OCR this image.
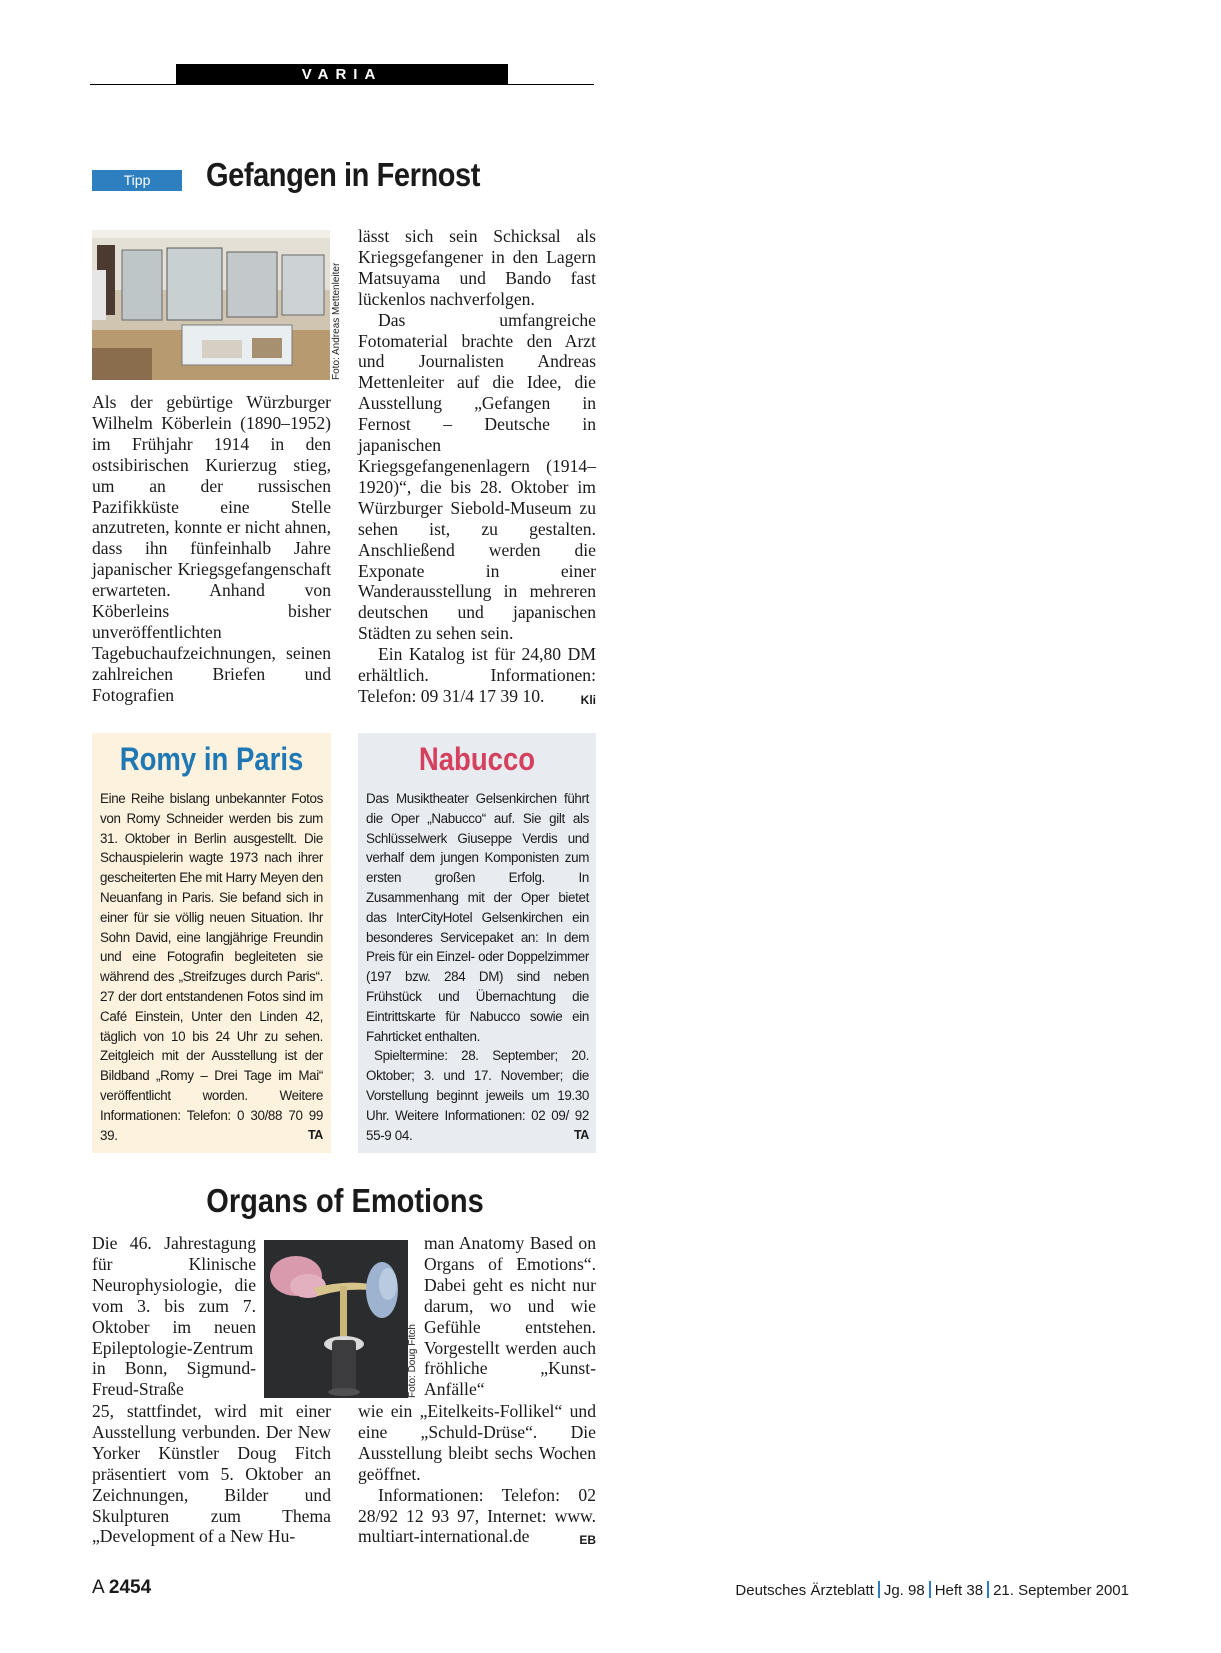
VARIA
Tipp	Gefangen in Fernost
Foto: Andreas Mettenleiter

Als der gebürtige Würzburger Wilhelm Köberlein (1890–1952) im Frühjahr 1914 in den ostsibirischen Kurierzug stieg, um an der russischen Pazifikküste eine Stelle anzutreten, konnte er nicht ahnen, dass ihn fünfeinhalb Jahre japanischer Kriegsgefangenschaft erwarteten. Anhand von Köberleins bisher unveröffentlichten Tagebuchaufzeichnungen, seinen zahlreichen Briefen und Fotografien

lässt sich sein Schicksal als Kriegsgefangener in den Lagern Matsuyama und Bando fast lückenlos nachverfolgen.

Das umfangreiche Fotomaterial brachte den Arzt und Journalisten Andreas Mettenleiter auf die Idee, die Ausstellung „Gefangen in Fernost – Deutsche in japanischen Kriegsgefangenenlagern (1914–1920)“, die bis 28. Oktober im Würzburger Siebold-Museum zu sehen ist, zu gestalten. Anschließend werden die Exponate in einer Wanderausstellung in mehreren deutschen und japanischen Städten zu sehen sein.

Ein Katalog ist für 24,80 DM erhältlich. Informationen: Telefon: 09 31/4 17 39 10.	Kli

Romy in Paris

Eine Reihe bislang unbekannter Fotos von Romy Schneider werden bis zum 31. Oktober in Berlin ausgestellt. Die Schauspielerin wagte 1973 nach ihrer gescheiterten Ehe mit Harry Meyen den Neuanfang in Paris. Sie befand sich in einer für sie völlig neuen Situation. Ihr Sohn David, eine langjährige Freundin und eine Fotografin begleiteten sie während des „Streifzuges durch Paris“. 27 der dort entstandenen Fotos sind im Café Einstein, Unter den Linden 42, täglich von 10 bis 24 Uhr zu sehen. Zeitgleich mit der Ausstellung ist der Bildband „Romy – Drei Tage im Mai“ veröffentlicht worden. Weitere Informationen: Telefon: 0 30/88 70 99 39.	TA

Nabucco

Das Musiktheater Gelsenkirchen führt die Oper „Nabucco“ auf. Sie gilt als Schlüsselwerk Giuseppe Verdis und verhalf dem jungen Komponisten zum ersten großen Erfolg. In Zusammenhang mit der Oper bietet das InterCityHotel Gelsenkirchen ein besonderes Servicepaket an: In dem Preis für ein Einzel- oder Doppelzimmer (197 bzw. 284 DM) sind neben Frühstück und Übernachtung die Eintrittskarte für Nabucco sowie ein Fahrticket enthalten.

Spieltermine: 28. September; 20. Oktober; 3. und 17. November; die Vorstellung beginnt jeweils um 19.30 Uhr. Weitere Informationen: 02 09/ 92 55-9 04.	TA

Organs of Emotions

Die 46. Jahrestagung für Klinische Neurophysiologie, die vom 3. bis zum 7. Oktober im neuen Epileptologie-Zentrum in Bonn, Sigmund-Freud-Straße

25, stattfindet, wird mit einer Ausstellung verbunden. Der New Yorker Künstler Doug Fitch präsentiert vom 5. Oktober an Zeichnungen, Bilder und Skulpturen zum Thema „Development of a New Hu-

Foto: Doug Fitch

man Anatomy Based on Organs of Emotions“. Dabei geht es nicht nur darum, wo und wie Gefühle entstehen. Vorgestellt werden auch fröhliche „Kunst-Anfälle“

wie ein „Eitelkeits-Follikel“ und eine „Schuld-Drüse“. Die Ausstellung bleibt sechs Wochen geöffnet.

Informationen: Telefon: 02 28/92 12 93 97, Internet: www. multiart-international.de	EB

A 2454	Deutsches Ärzteblatt Jg. 98 Heft 38 21. September 2001
